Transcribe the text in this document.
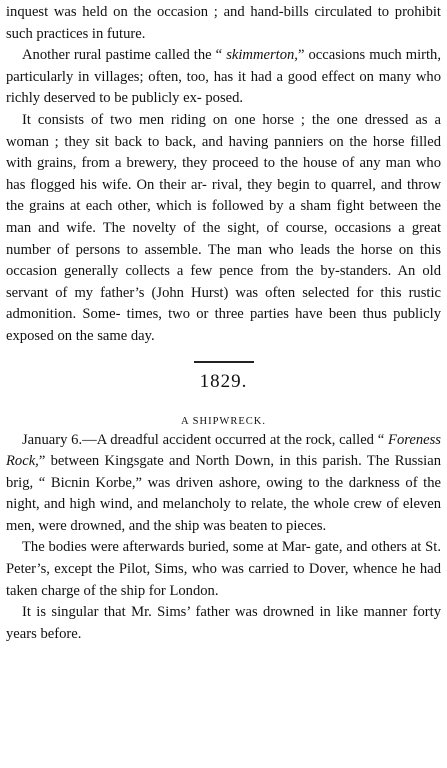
inquest was held on the occasion ; and hand-bills circulated to prohibit such practices in future.

Another rural pastime called the “ skimmerton,” occasions much mirth, particularly in villages; often, too, has it had a good effect on many who richly deserved to be publicly ex- posed.

It consists of two men riding on one horse ; the one dressed as a woman ; they sit back to back, and having panniers on the horse filled with grains, from a brewery, they proceed to the house of any man who has flogged his wife. On their ar- rival, they begin to quarrel, and throw the grains at each other, which is followed by a sham fight between the man and wife. The novelty of the sight, of course, occasions a great number of persons to assemble. The man who leads the horse on this occasion generally collects a few pence from the by-standers. An old servant of my father’s (John Hurst) was often selected for this rustic admonition. Some- times, two or three parties have been thus publicly exposed on the same day.

1829.
A SHIPWRECK.

January 6.—A dreadful accident occurred at the rock, called “ Foreness Rock,” between Kingsgate and North Down, in this parish. The Russian brig, “ Bicnin Korbe,” was driven ashore, owing to the darkness of the night, and high wind, and melancholy to relate, the whole crew of eleven men, were drowned, and the ship was beaten to pieces.

The bodies were afterwards buried, some at Mar- gate, and others at St. Peter’s, except the Pilot, Sims, who was carried to Dover, whence he had taken charge of the ship for London.

It is singular that Mr. Sims’ father was drowned in like manner forty years before.
